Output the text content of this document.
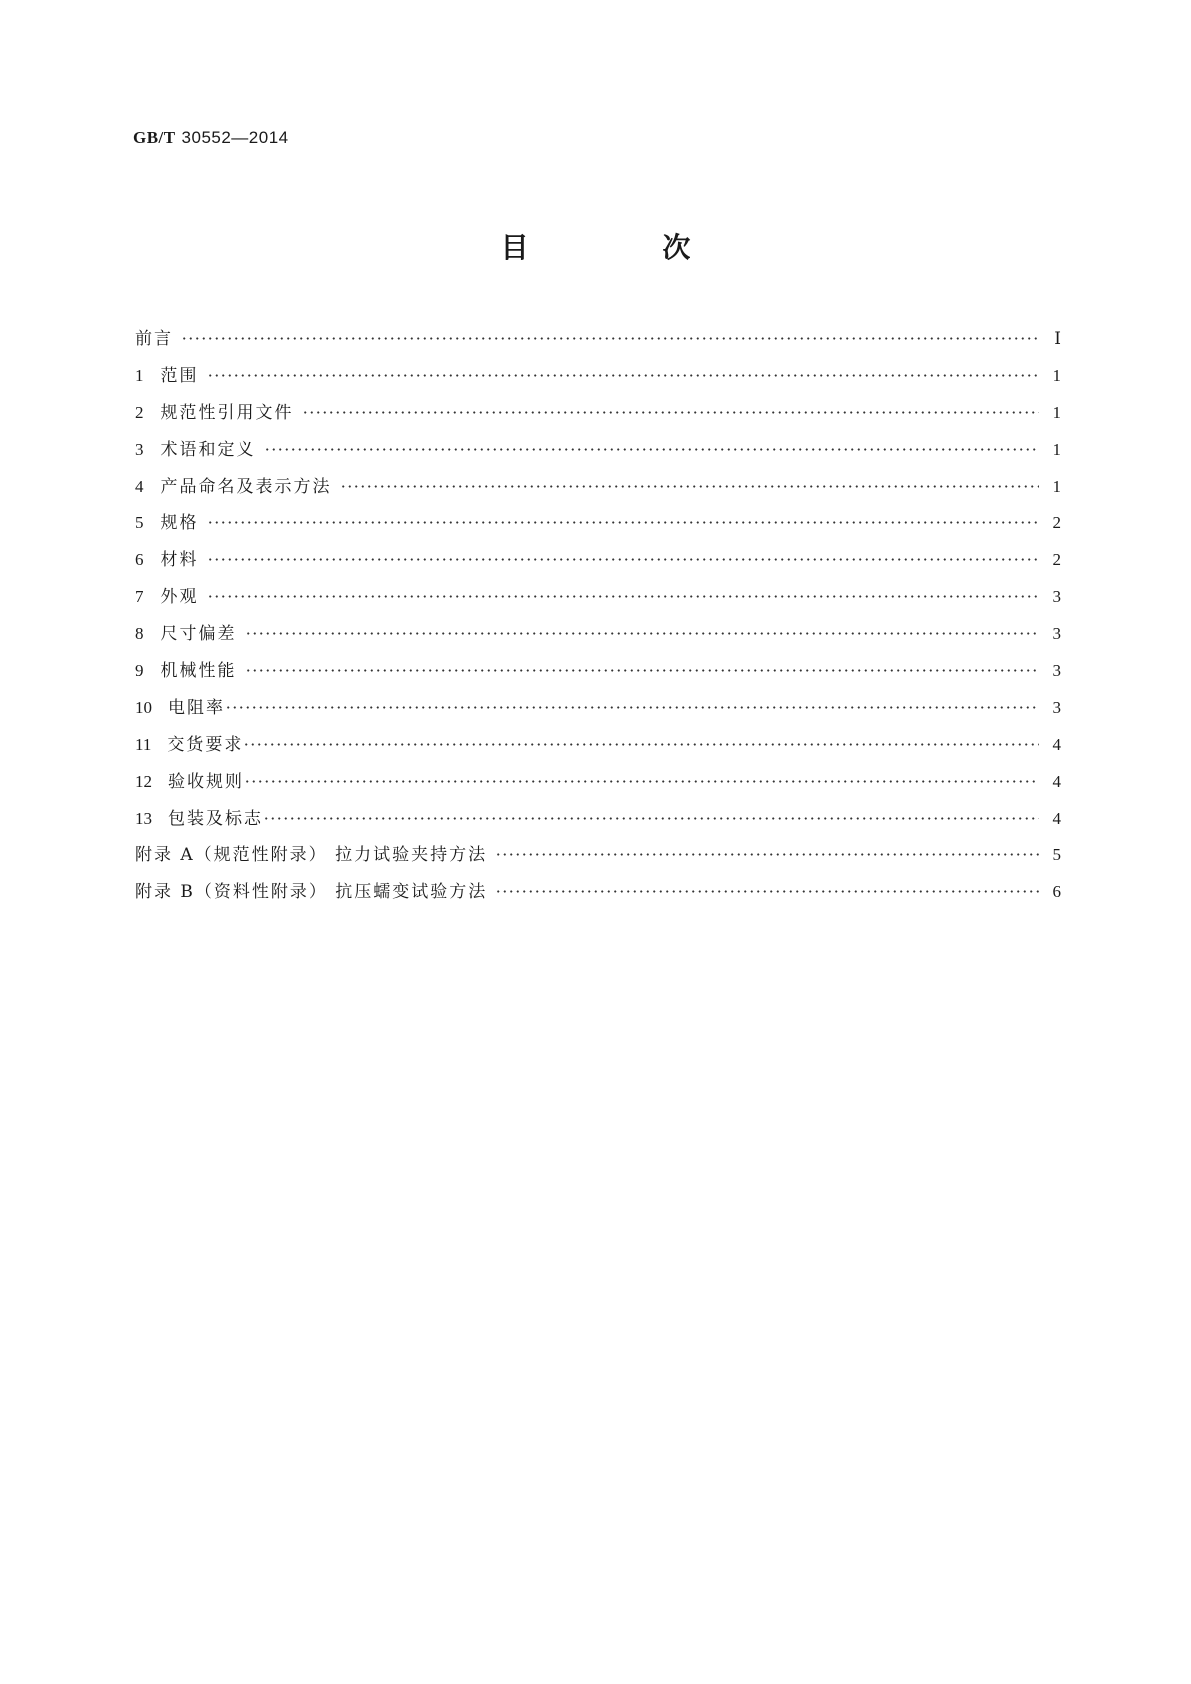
GB/T 30552—2014
目 次
前言	Ⅰ
1 范围	1
2 规范性引用文件	1
3 术语和定义	1
4 产品命名及表示方法	1
5 规格	2
6 材料	2
7 外观	3
8 尺寸偏差	3
9 机械性能	3
10 电阻率	3
11 交货要求	4
12 验收规则	4
13 包装及标志	4
附录 A（规范性附录） 拉力试验夹持方法	5
附录 B（资料性附录） 抗压蠕变试验方法	6
